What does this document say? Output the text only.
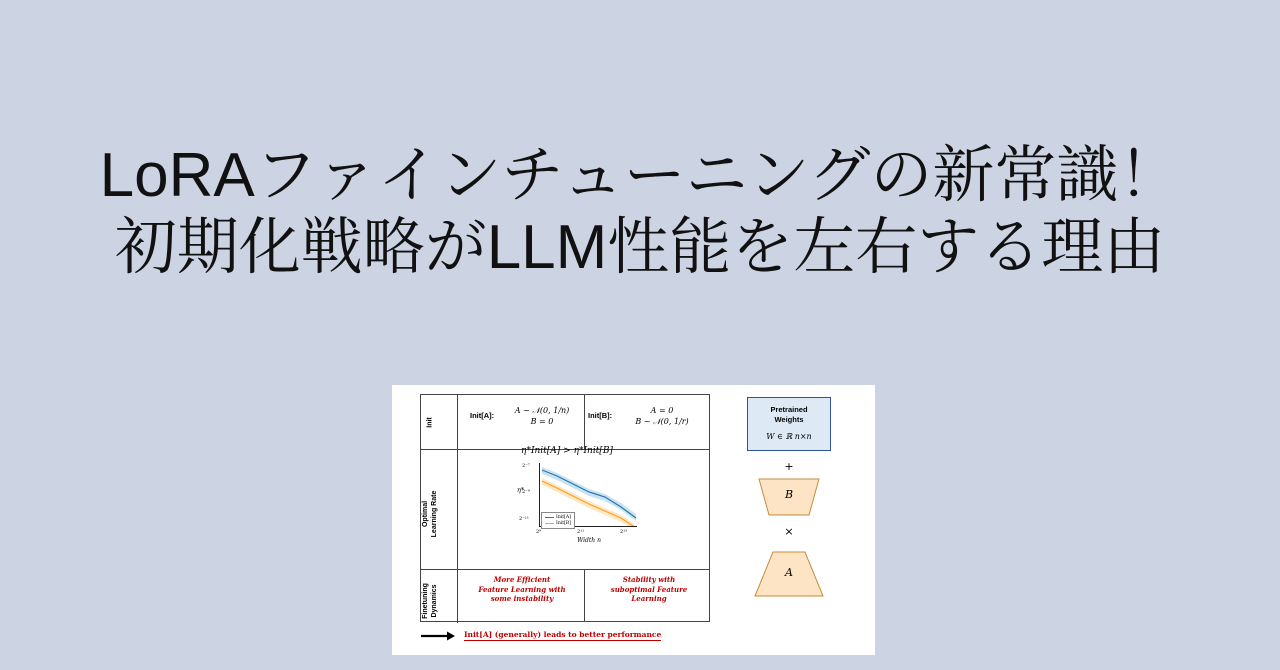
LoRAファインチューニングの新常識！
初期化戦略がLLM性能を左右する理由
Init
Optimal Learning Rate
Finetuning Dynamics
Init[A]:
A ~ 𝒩(0, 1/n)
B = 0
Init[B]:
A = 0
B ~ 𝒩(0, 1/r)
η*Init[A] > η*Init[B]
2⁻⁷
2⁻⁹
2⁻¹¹
η*
2⁹	2¹¹	2¹³
Width n
Init[A]
Init[B]
More Efficient
Feature Learning with
some instability
Stability with
suboptimal Feature
Learning
Init[A] (generally) leads to better performance
Pretrained
Weights
W ∈ ℝ n×n
+
B
×
A
